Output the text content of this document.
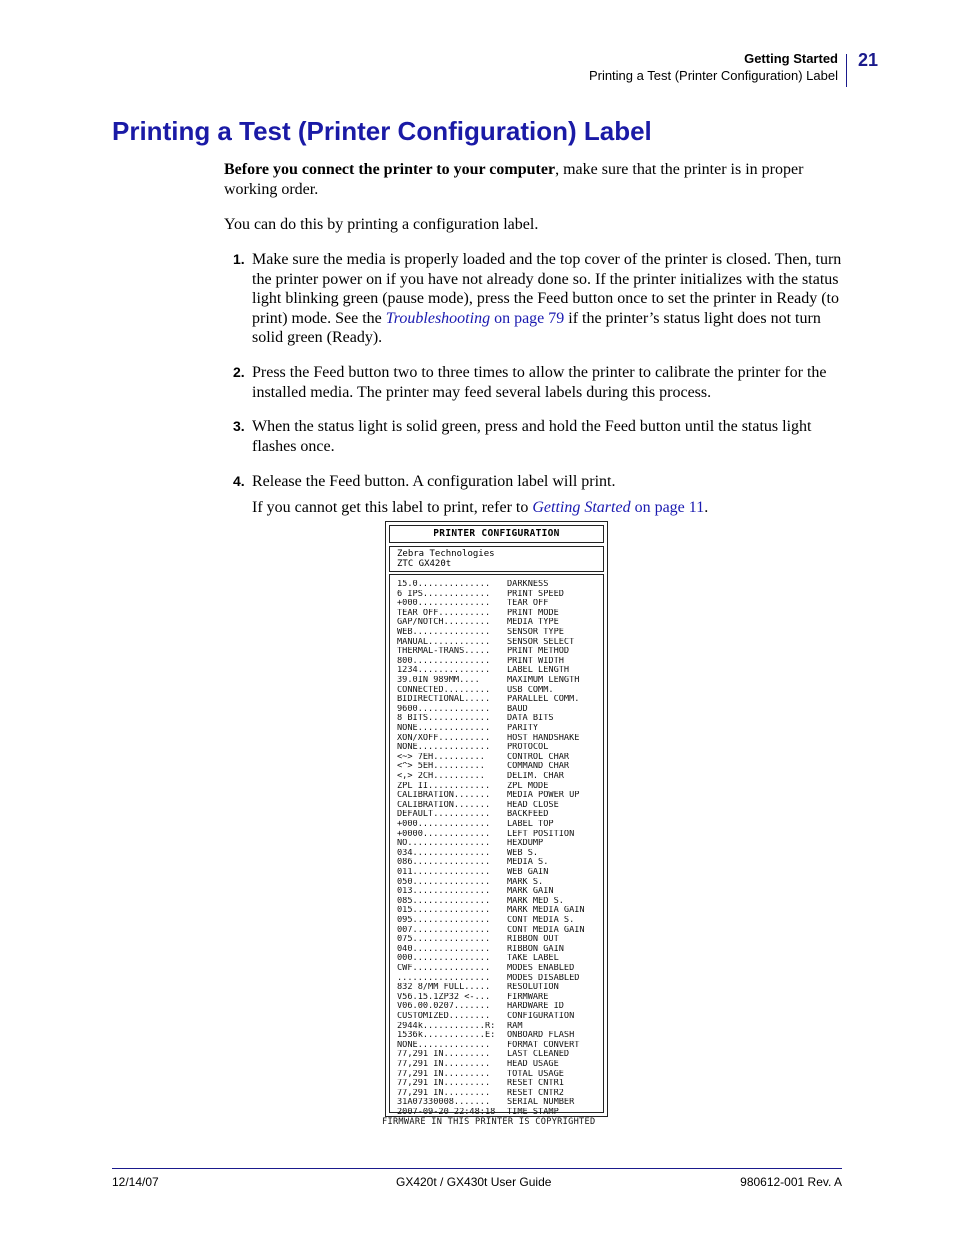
Getting Started
Printing a Test (Printer Configuration) Label
21
Printing a Test (Printer Configuration) Label

Before you connect the printer to your computer, make sure that the printer is in proper working order.

You can do this by printing a configuration label.

1. Make sure the media is properly loaded and the top cover of the printer is closed. Then, turn the printer power on if you have not already done so. If the printer initializes with the status light blinking green (pause mode), press the Feed button once to set the printer in Ready (to print) mode. See the Troubleshooting on page 79 if the printer’s status light does not turn solid green (Ready).

2. Press the Feed button two to three times to allow the printer to calibrate the printer for the installed media. The printer may feed several labels during this process.

3. When the status light is solid green, press and hold the Feed button until the status light flashes once.

4. Release the Feed button. A configuration label will print.

If you cannot get this label to print, refer to Getting Started on page 11.

PRINTER CONFIGURATION
Zebra Technologies
ZTC GX420t
15.0..............	DARKNESS
6 IPS.............	PRINT SPEED
+000..............	TEAR OFF
TEAR OFF..........	PRINT MODE
GAP/NOTCH.........	MEDIA TYPE
WEB...............	SENSOR TYPE
MANUAL............	SENSOR SELECT
THERMAL-TRANS.....	PRINT METHOD
800...............	PRINT WIDTH
1234..............	LABEL LENGTH
39.0IN 989MM....	MAXIMUM LENGTH
CONNECTED.........	USB COMM.
BIDIRECTIONAL.....	PARALLEL COMM.
9600..............	BAUD
8 BITS............	DATA BITS
NONE..............	PARITY
XON/XOFF..........	HOST HANDSHAKE
NONE..............	PROTOCOL
<~> 7EH..........	CONTROL CHAR
<^> 5EH..........	COMMAND CHAR
<,> 2CH..........	DELIM. CHAR
ZPL II............	ZPL MODE
CALIBRATION.......	MEDIA POWER UP
CALIBRATION.......	HEAD CLOSE
DEFAULT...........	BACKFEED
+000..............	LABEL TOP
+0000.............	LEFT POSITION
NO................	HEXDUMP
034...............	WEB S.
086...............	MEDIA S.
011...............	WEB GAIN
050...............	MARK S.
013...............	MARK GAIN
085...............	MARK MED S.
015...............	MARK MEDIA GAIN
095...............	CONT MEDIA S.
007...............	CONT MEDIA GAIN
075...............	RIBBON OUT
040...............	RIBBON GAIN
000...............	TAKE LABEL
CWF...............	MODES ENABLED
..................	MODES DISABLED
832 8/MM FULL.....	RESOLUTION
V56.15.1ZP32 <-...	FIRMWARE
V06.00.0207.......	HARDWARE ID
CUSTOMIZED........	CONFIGURATION
2944k............R:	RAM
1536k............E:	ONBOARD FLASH
NONE..............	FORMAT CONVERT
77,291 IN.........	LAST CLEANED
77,291 IN.........	HEAD USAGE
77,291 IN.........	TOTAL USAGE
77,291 IN.........	RESET CNTR1
77,291 IN.........	RESET CNTR2
31A07330008.......	SERIAL NUMBER
2007-09-20 22:48:18	TIME STAMP
FIRMWARE IN THIS PRINTER IS COPYRIGHTED
12/14/07	GX420t / GX430t User Guide	980612-001 Rev. A
